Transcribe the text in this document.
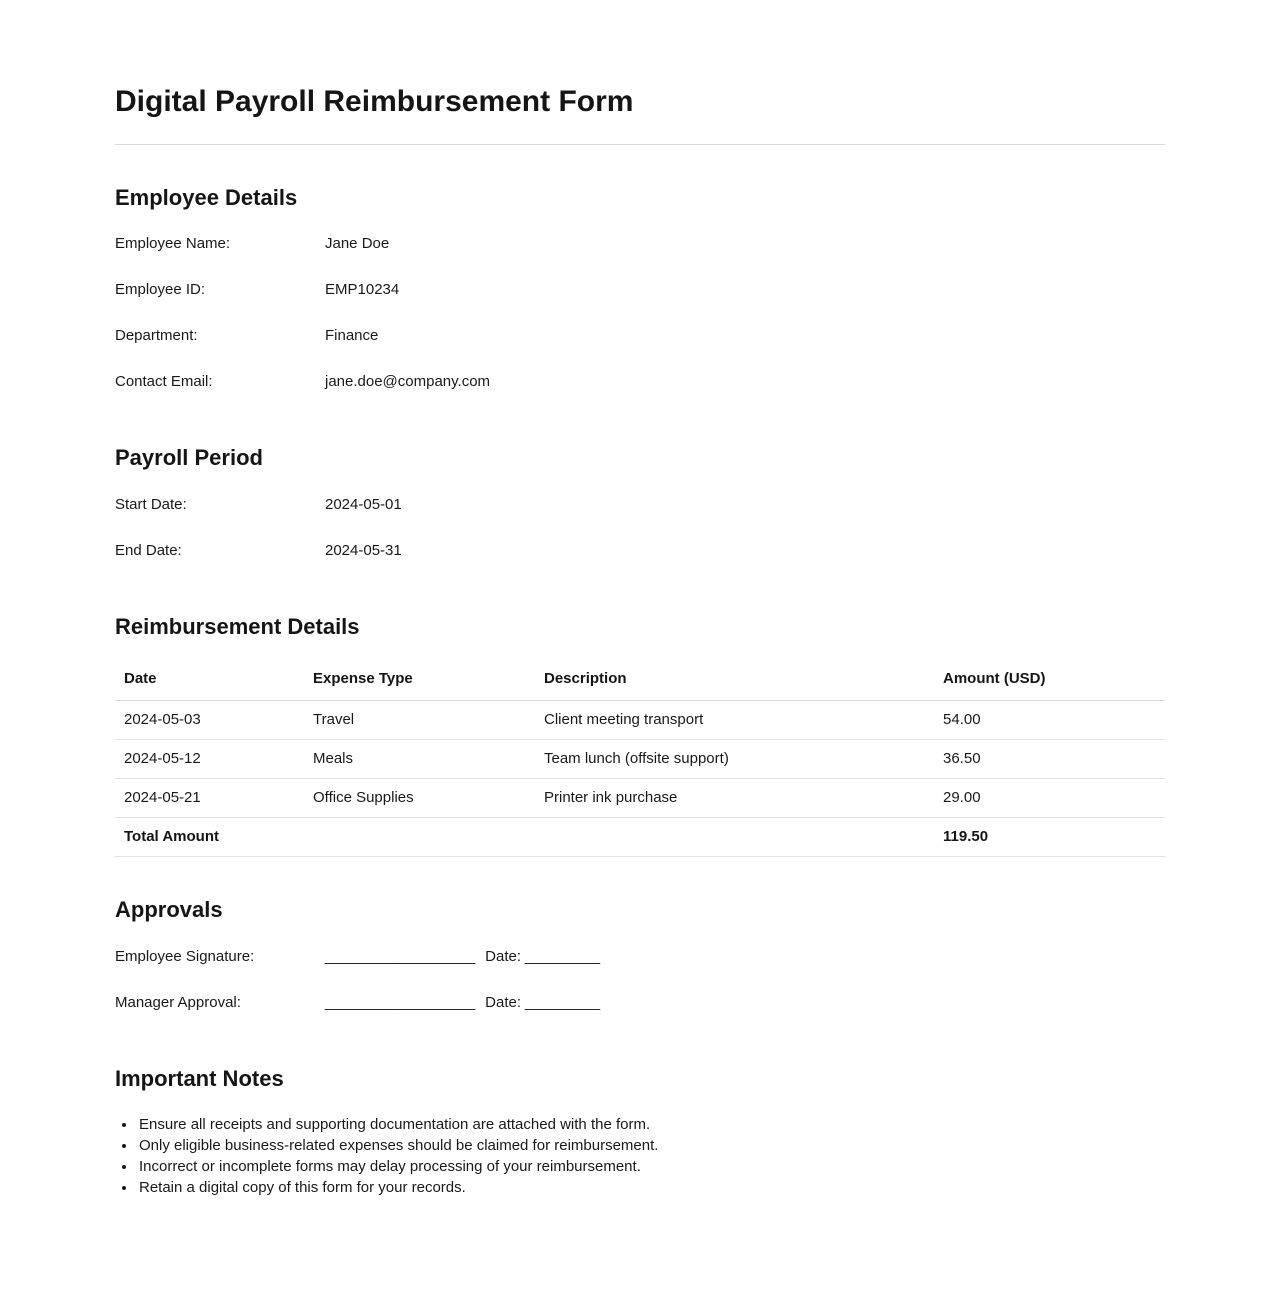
Digital Payroll Reimbursement Form
Employee Details
Employee Name:	Jane Doe
Employee ID:	EMP10234
Department:	Finance
Contact Email:	jane.doe@company.com
Payroll Period
Start Date:	2024-05-01
End Date:	2024-05-31
Reimbursement Details
Date	Expense Type	Description	Amount (USD)
2024-05-03	Travel	Client meeting transport	54.00
2024-05-12	Meals	Team lunch (offsite support)	36.50
2024-05-21	Office Supplies	Printer ink purchase	29.00
Total Amount			119.50
Approvals
Employee Signature:	__________________ Date: _________
Manager Approval:	__________________ Date: _________
Important Notes
• Ensure all receipts and supporting documentation are attached with the form.
• Only eligible business-related expenses should be claimed for reimbursement.
• Incorrect or incomplete forms may delay processing of your reimbursement.
• Retain a digital copy of this form for your records.
